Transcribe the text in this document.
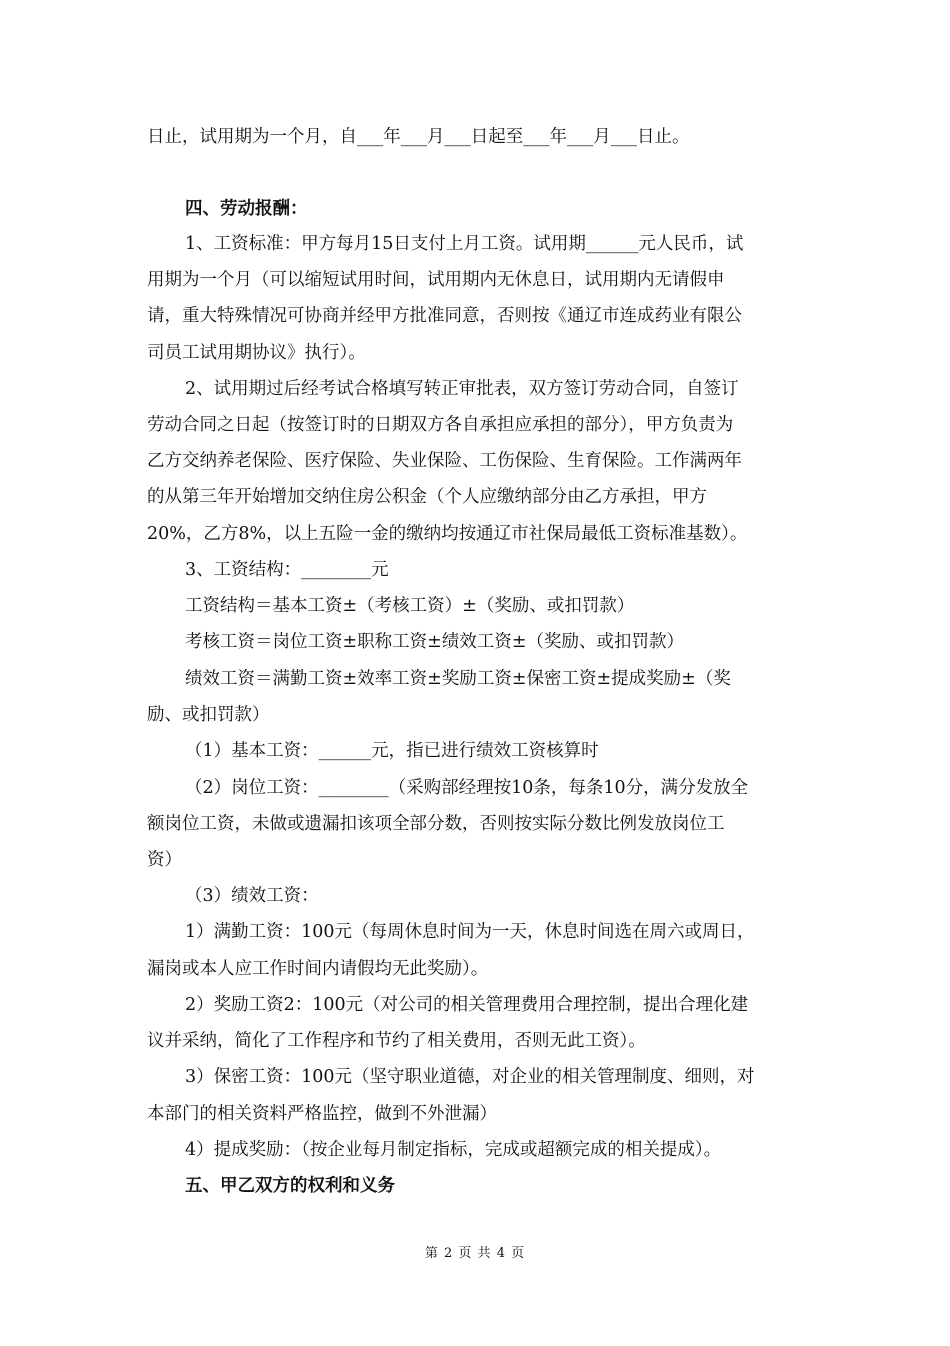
日止，试用期为一个月，自___年___月___日起至___年___月___日止。
四、劳动报酬：
1、工资标准：甲方每月15日支付上月工资。试用期______元人民币，试
用期为一个月（可以缩短试用时间，试用期内无休息日，试用期内无请假申
请，重大特殊情况可协商并经甲方批准同意，否则按《通辽市连成药业有限公
司员工试用期协议》执行）。
2、试用期过后经考试合格填写转正审批表，双方签订劳动合同，自签订
劳动合同之日起（按签订时的日期双方各自承担应承担的部分），甲方负责为
乙方交纳养老保险、医疗保险、失业保险、工伤保险、生育保险。工作满两年
的从第三年开始增加交纳住房公积金（个人应缴纳部分由乙方承担，甲方
20%，乙方8%，以上五险一金的缴纳均按通辽市社保局最低工资标准基数）。
3、工资结构：________元
工资结构＝基本工资±（考核工资）±（奖励、或扣罚款）
考核工资＝岗位工资±职称工资±绩效工资±（奖励、或扣罚款）
绩效工资＝满勤工资±效率工资±奖励工资±保密工资±提成奖励±（奖
励、或扣罚款）
（1）基本工资：______元，指已进行绩效工资核算时
（2）岗位工资：________（采购部经理按10条，每条10分，满分发放全
额岗位工资，未做或遗漏扣该项全部分数，否则按实际分数比例发放岗位工
资）
（3）绩效工资：
1）满勤工资：100元（每周休息时间为一天，休息时间选在周六或周日，
漏岗或本人应工作时间内请假均无此奖励）。
2）奖励工资2：100元（对公司的相关管理费用合理控制，提出合理化建
议并采纳，简化了工作程序和节约了相关费用，否则无此工资）。
3）保密工资：100元（坚守职业道德，对企业的相关管理制度、细则，对
本部门的相关资料严格监控，做到不外泄漏）
4）提成奖励：（按企业每月制定指标，完成或超额完成的相关提成）。
五、甲乙双方的权利和义务
第 2 页 共 4 页
